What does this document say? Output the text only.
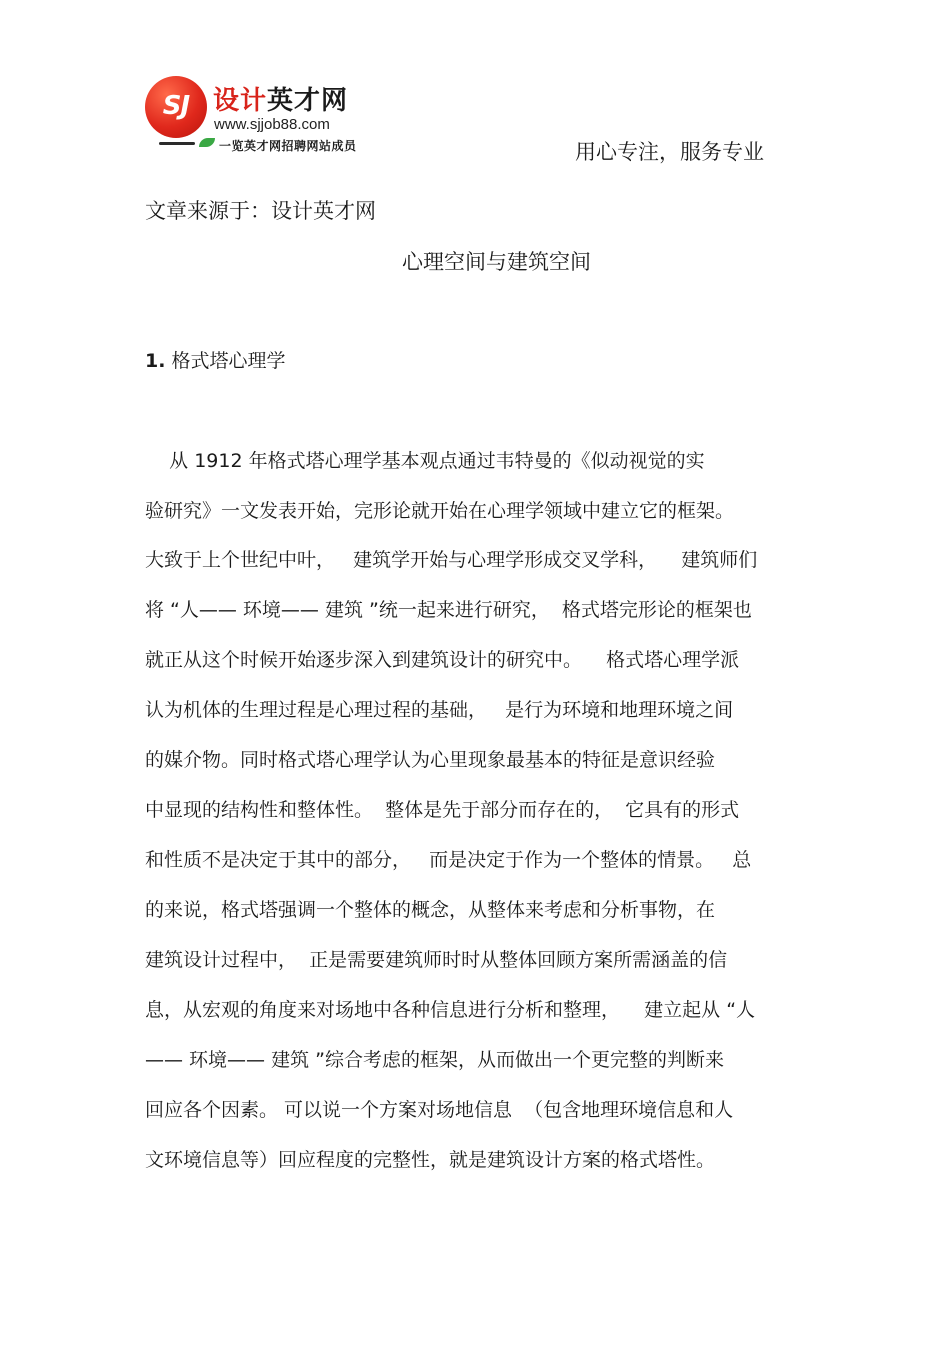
SJ 设计英才网
www.sjjob88.com
一览英才网招聘网站成员	用心专注，服务专业
文章来源于：设计英才网
心理空间与建筑空间
1. 格式塔心理学
从 1912 年格式塔心理学基本观点通过韦特曼的《似动视觉的实
验研究》一文发表开始，完形论就开始在心理学领域中建立它的框架。
大致于上个世纪中叶，   建筑学开始与心理学形成交叉学科，    建筑师们
将 “人—— 环境—— 建筑 ”统一起来进行研究，  格式塔完形论的框架也
就正从这个时候开始逐步深入到建筑设计的研究中。    格式塔心理学派
认为机体的生理过程是心理过程的基础，   是行为环境和地理环境之间
的媒介物。同时格式塔心理学认为心里现象最基本的特征是意识经验
中显现的结构性和整体性。  整体是先于部分而存在的，  它具有的形式
和性质不是决定于其中的部分，   而是决定于作为一个整体的情景。   总
的来说，格式塔强调一个整体的概念，从整体来考虑和分析事物，在
建筑设计过程中，  正是需要建筑师时时从整体回顾方案所需涵盖的信
息，从宏观的角度来对场地中各种信息进行分析和整理，    建立起从 “人
—— 环境—— 建筑 ”综合考虑的框架，从而做出一个更完整的判断来
回应各个因素。 可以说一个方案对场地信息  （包含地理环境信息和人
文环境信息等）回应程度的完整性，就是建筑设计方案的格式塔性。
